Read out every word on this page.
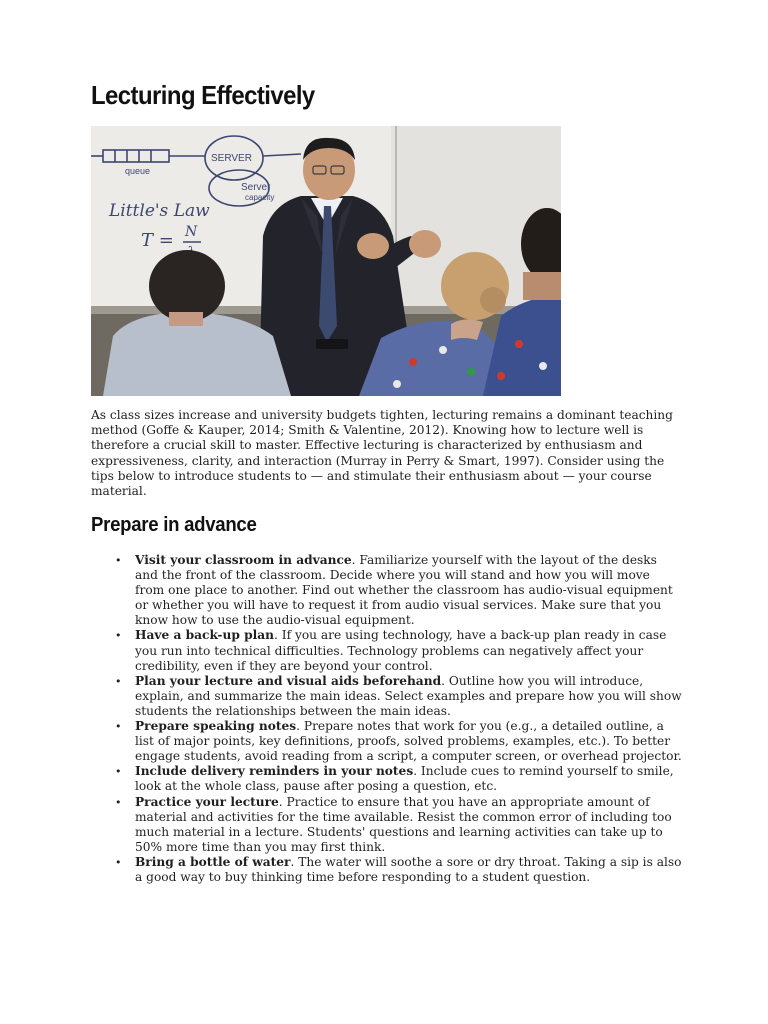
Lecturing Effectively
queue
SERVER
Server
capacity
Little's Law
T = N

As class sizes increase and university budgets tighten, lecturing remains a dominant teaching method (Goffe & Kauper, 2014; Smith & Valentine, 2012). Knowing how to lecture well is therefore a crucial skill to master. Effective lecturing is characterized by enthusiasm and expressiveness, clarity, and interaction (Murray in Perry & Smart, 1997). Consider using the tips below to introduce students to — and stimulate their enthusiasm about — your course material.

Prepare in advance
• Visit your classroom in advance. Familiarize yourself with the layout of the desks and the front of the classroom. Decide where you will stand and how you will move from one place to another. Find out whether the classroom has audio-visual equipment or whether you will have to request it from audio visual services. Make sure that you know how to use the audio-visual equipment.
• Have a back-up plan. If you are using technology, have a back-up plan ready in case you run into technical difficulties. Technology problems can negatively affect your credibility, even if they are beyond your control.
• Plan your lecture and visual aids beforehand. Outline how you will introduce, explain, and summarize the main ideas. Select examples and prepare how you will show students the relationships between the main ideas.
• Prepare speaking notes. Prepare notes that work for you (e.g., a detailed outline, a list of major points, key definitions, proofs, solved problems, examples, etc.). To better engage students, avoid reading from a script, a computer screen, or overhead projector.
• Include delivery reminders in your notes. Include cues to remind yourself to smile, look at the whole class, pause after posing a question, etc.
• Practice your lecture. Practice to ensure that you have an appropriate amount of material and activities for the time available. Resist the common error of including too much material in a lecture. Students' questions and learning activities can take up to 50% more time than you may first think.
• Bring a bottle of water. The water will soothe a sore or dry throat. Taking a sip is also a good way to buy thinking time before responding to a student question.
